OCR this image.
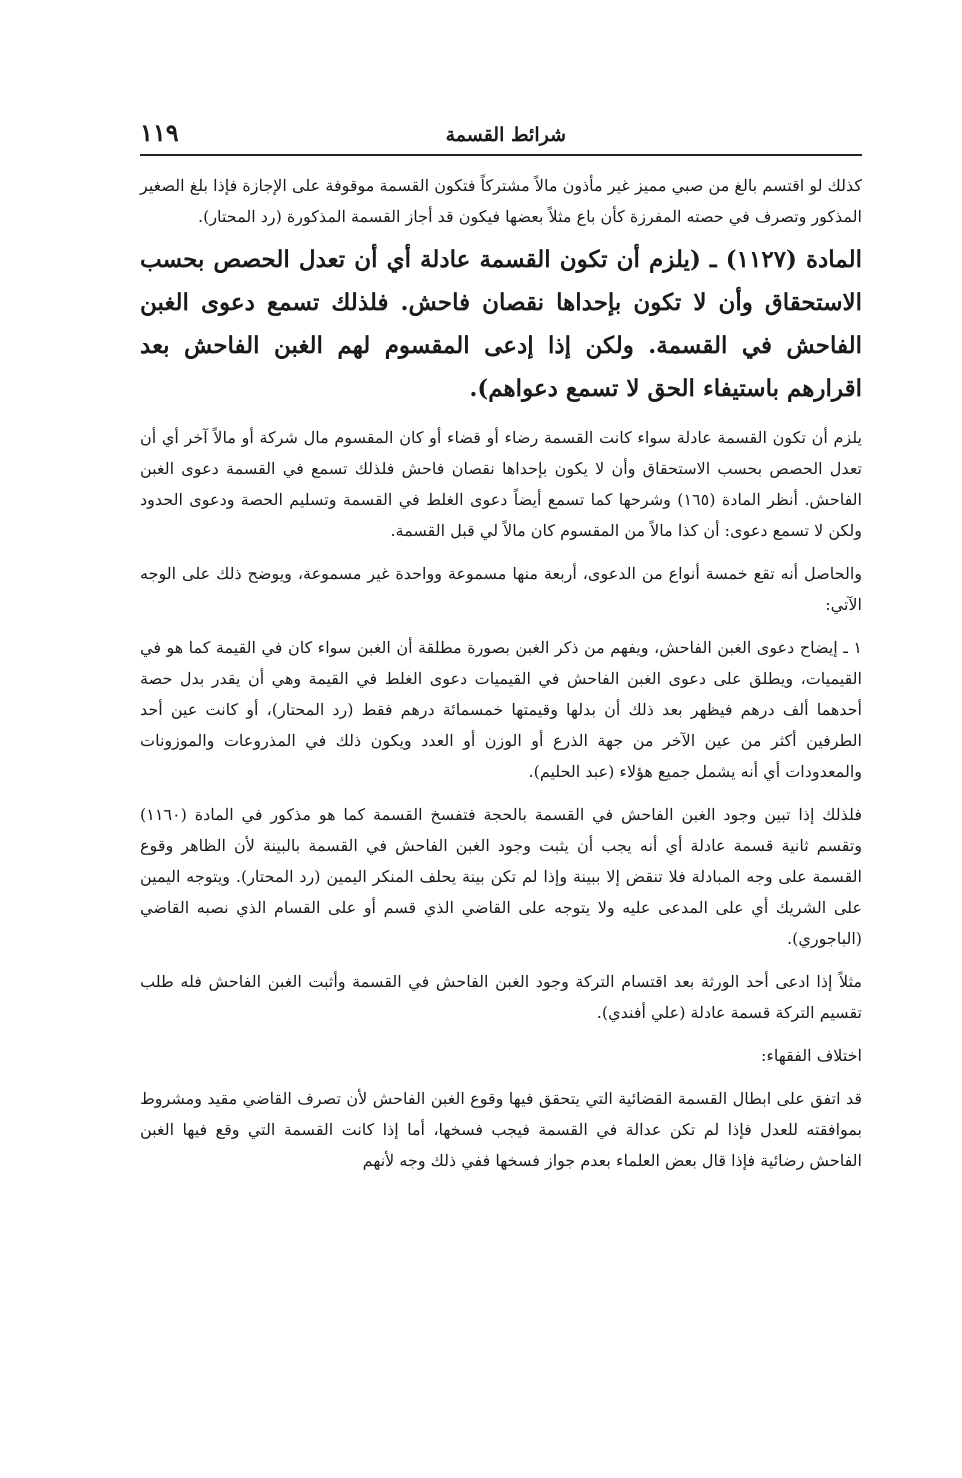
١١٩	شرائط القسمة

كذلك لو اقتسم بالغ من صبي مميز غير مأذون مالاً مشتركاً فتكون القسمة موقوفة على الإجازة فإذا بلغ الصغير المذكور وتصرف في حصته المفرزة كأن باع مثلاً بعضها فيكون قد أجاز القسمة المذكورة (رد المحتار).

المادة (١١٢٧) ـ (يلزم أن تكون القسمة عادلة أي أن تعدل الحصص بحسب الاستحقاق وأن لا تكون بإحداها نقصان فاحش. فلذلك تسمع دعوى الغبن الفاحش في القسمة. ولكن إذا إدعى المقسوم لهم الغبن الفاحش بعد اقرارهم باستيفاء الحق لا تسمع دعواهم).

يلزم أن تكون القسمة عادلة سواء كانت القسمة رضاء أو قضاء أو كان المقسوم مال شركة أو مالاً آخر أي أن تعدل الحصص بحسب الاستحقاق وأن لا يكون بإحداها نقصان فاحش فلذلك تسمع في القسمة دعوى الغبن الفاحش. أنظر المادة (١٦٥) وشرحها كما تسمع أيضاً دعوى الغلط في القسمة وتسليم الحصة ودعوى الحدود ولكن لا تسمع دعوى: أن كذا مالاً من المقسوم كان مالاً لي قبل القسمة.

والحاصل أنه تقع خمسة أنواع من الدعوى، أربعة منها مسموعة وواحدة غير مسموعة، ويوضح ذلك على الوجه الآتي:

١ ـ إيضاح دعوى الغبن الفاحش، ويفهم من ذكر الغبن بصورة مطلقة أن الغبن سواء كان في القيمة كما هو في القيميات، ويطلق على دعوى الغبن الفاحش في القيميات دعوى الغلط في القيمة وهي أن يقدر بدل حصة أحدهما ألف درهم فيظهر بعد ذلك أن بدلها وقيمتها خمسمائة درهم فقط (رد المحتار)، أو كانت عين أحد الطرفين أكثر من عين الآخر من جهة الذرع أو الوزن أو العدد ويكون ذلك في المذروعات والموزونات والمعدودات أي أنه يشمل جميع هؤلاء (عبد الحليم).

فلذلك إذا تبين وجود الغبن الفاحش في القسمة بالحجة فتفسخ القسمة كما هو مذكور في المادة (١١٦٠) وتقسم ثانية قسمة عادلة أي أنه يجب أن يثبت وجود الغبن الفاحش في القسمة بالبينة لأن الظاهر وقوع القسمة على وجه المبادلة فلا تنقض إلا ببينة وإذا لم تكن بينة يحلف المنكر اليمين (رد المحتار). ويتوجه اليمين على الشريك أي على المدعى عليه ولا يتوجه على القاضي الذي قسم أو على القسام الذي نصبه القاضي (الباجوري).

مثلاً إذا ادعى أحد الورثة بعد اقتسام التركة وجود الغبن الفاحش في القسمة وأثبت الغبن الفاحش فله طلب تقسيم التركة قسمة عادلة (علي أفندي).

اختلاف الفقهاء:

قد اتفق على ابطال القسمة القضائية التي يتحقق فيها وقوع الغبن الفاحش لأن تصرف القاضي مقيد ومشروط بموافقته للعدل فإذا لم تكن عدالة في القسمة فيجب فسخها، أما إذا كانت القسمة التي وقع فيها الغبن الفاحش رضائية فإذا قال بعض العلماء بعدم جواز فسخها ففي ذلك وجه لأنهم
